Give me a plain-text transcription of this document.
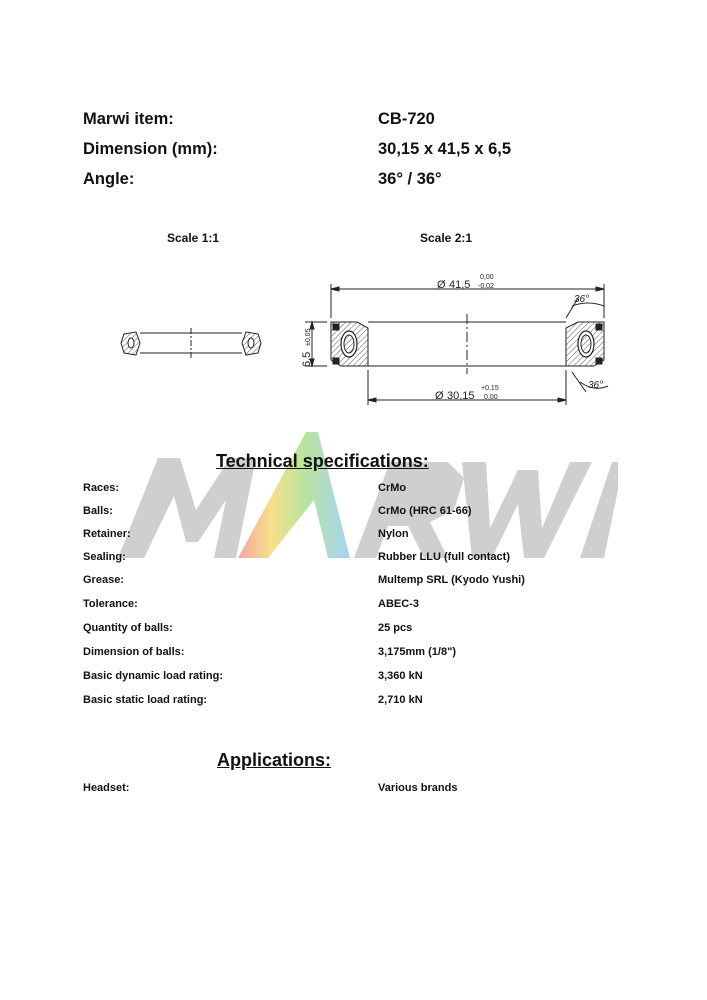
Marwi item:	CB-720
Dimension (mm):	30,15 x 41,5 x 6,5
Angle:	36° / 36°
Scale 1:1	Scale 2:1
Ø 41,5
0,00
-0,02
Ø 30,15
+0,15
0,00
6,5
±0,05
36°
36°
Technical specifications:
Races:	CrMo
Balls:	CrMo (HRC 61-66)
Retainer:	Nylon
Sealing:	Rubber LLU (full contact)
Grease:	Multemp SRL (Kyodo Yushi)
Tolerance:	ABEC-3
Quantity of balls:	25 pcs
Dimension of balls:	3,175mm (1/8")
Basic dynamic load rating:	3,360 kN
Basic static load rating:	2,710 kN
Applications:
Headset:	Various brands
